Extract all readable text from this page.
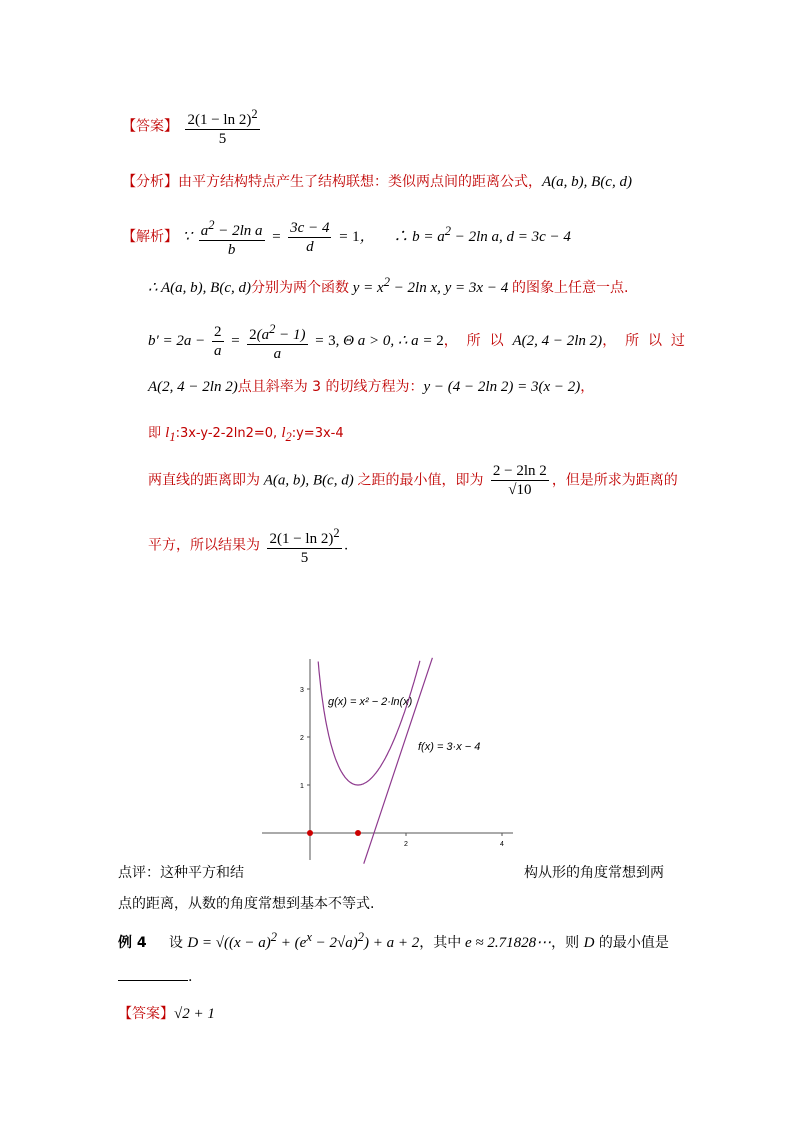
【答案】 $\frac{2(1 - \ln 2)^2}{5}$
【分析】由平方结构特点产生了结构联想：类似两点间的距离公式，A(a, b), B(c, d)
【解析】 ∵ $\frac{a^2 - 2\ln a}{b} = \frac{3c - 4}{d} = 1$，     ∴ $b = a^2 - 2\ln$ a, d = 3c − 4
∴ A(a, b), B(c, d)分别为两个函数 $y = x^2 - 2\ln$ x, y = 3x − 4 的图象上任意一点.
$b' = 2a - \frac{2}{a} = \frac{2(a^2 - 1)}{a} = 3$, Θ a > 0, ∴ a = 2，  所  以  A(2, 4 − 2ln 2)，  所  以  过
A(2, 4 − 2ln 2)点且斜率为 3 的切线方程为：y − (4 − 2ln 2) = 3(x − 2)，
即 $l_1:3x-y-2-2\ln 2=0$, $l_2:y=3x-4$
两直线的距离即为 A(a, b), B(c, d) 之距的最小值，即为 $\frac{2 - 2\ln 2}{√10}$ ，但是所求为距离的
平方，所以结果为 $\frac{2(1 - \ln 2)^2}{5}$ .
1
2
3
2	4
g(x) = x² − 2·ln(x)
f(x) = 3·x − 4
点评：这种平方和结	构从形的角度常想到两
点的距离，从数的角度常想到基本不等式.
例 4 设 $D = √((x - a)^2 + (e^x - 2√a)^2) + a + 2$，其中 e ≈ 2.71828⋯，则 D 的最小值是
.
【答案】√2 + 1
